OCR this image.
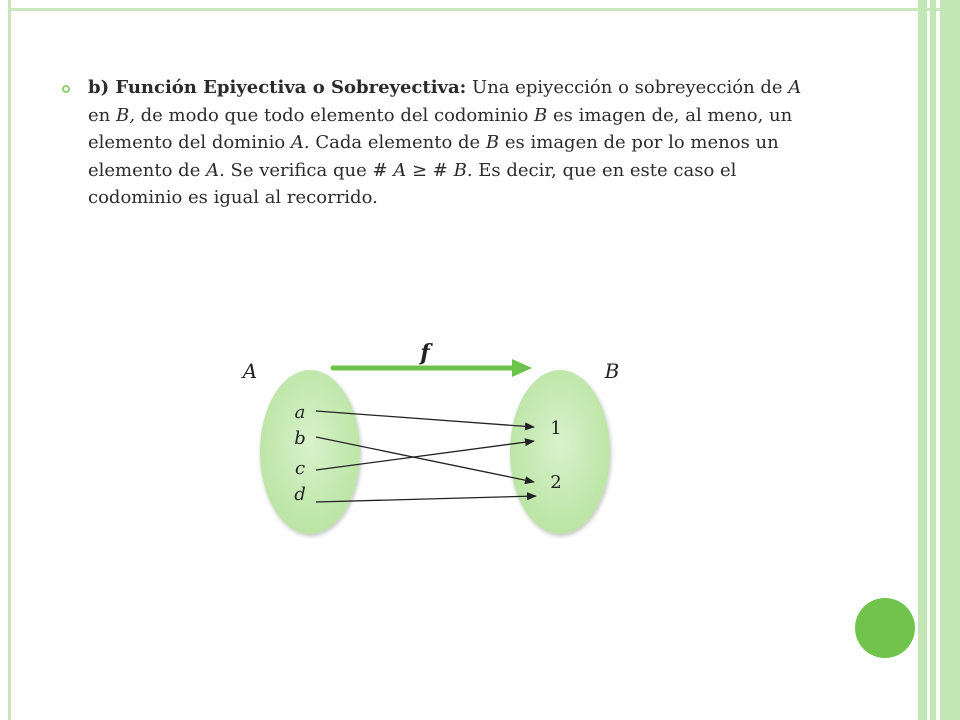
b) Función Epiyectiva o Sobreyectiva: Una epiyección o sobreyección de A en B, de modo que todo elemento del codominio B es imagen de, al meno, un elemento del dominio A. Cada elemento de B es imagen de por lo menos un elemento de A. Se verifica que # A ≥ # B. Es decir, que en este caso el codominio es igual al recorrido.
f
A	B
a
b
c
d
1
2
